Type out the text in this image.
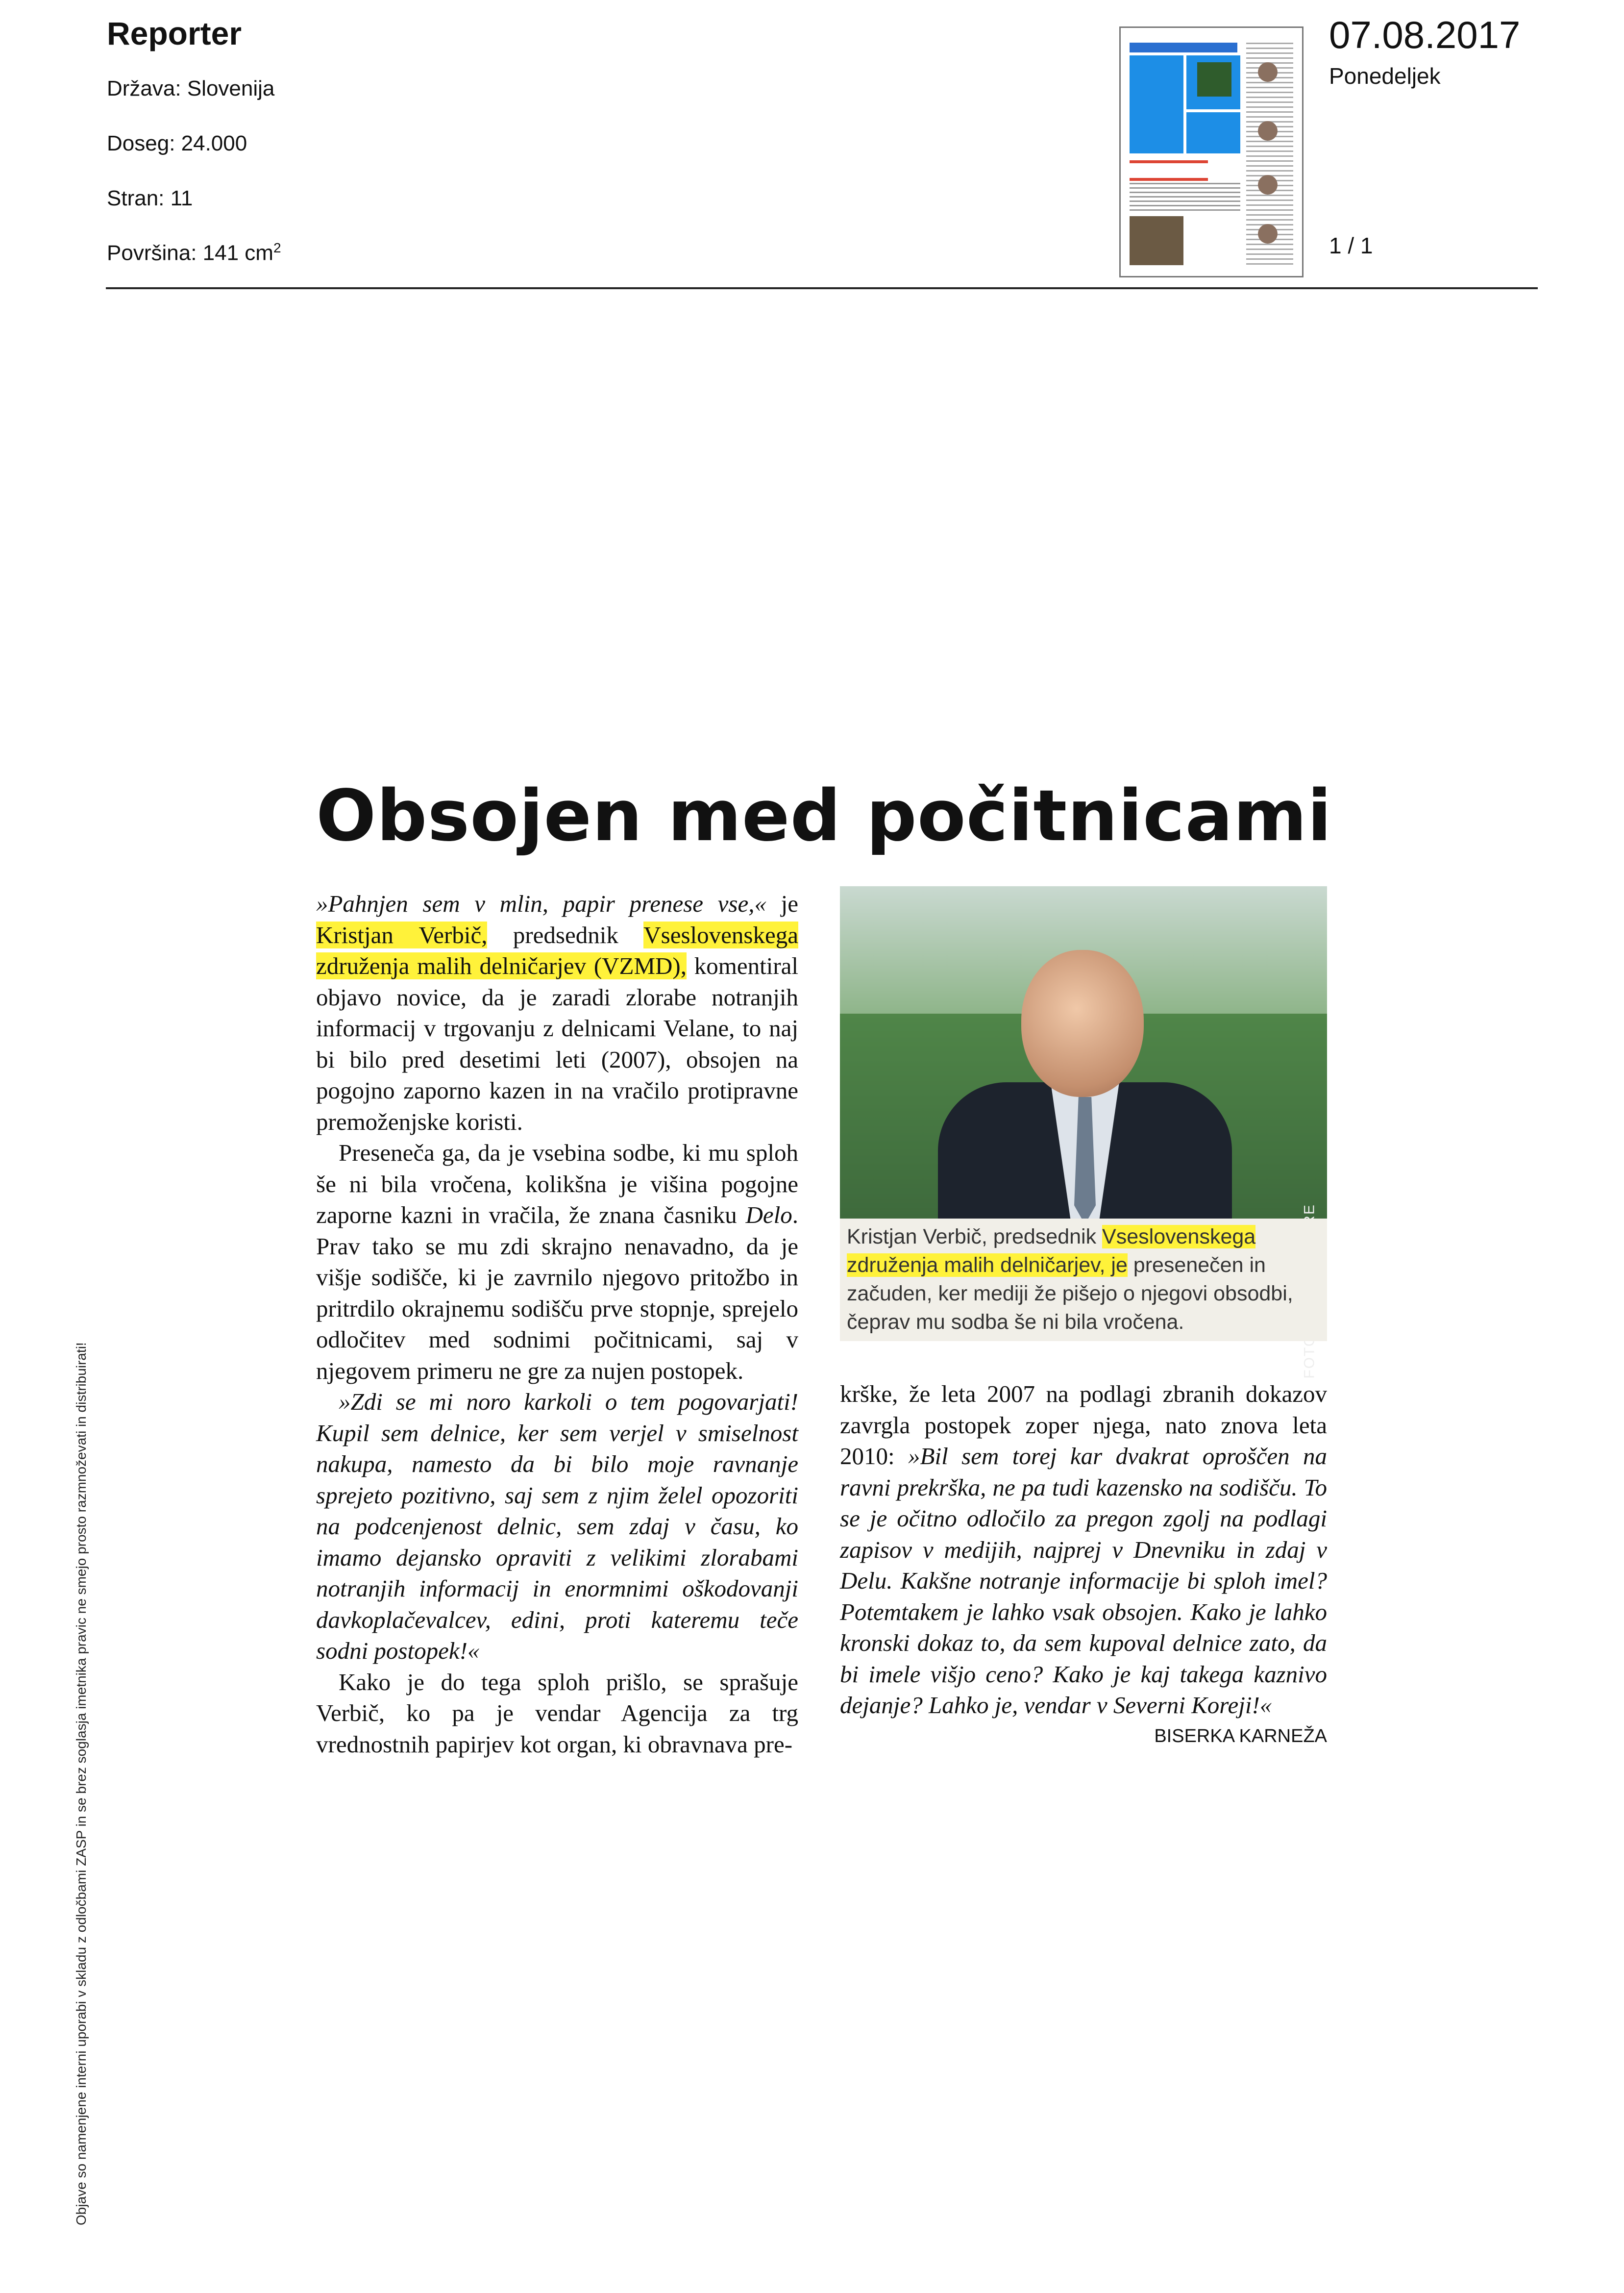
Reporter
Država: Slovenija
Doseg: 24.000
Stran: 11
Površina: 141 $cm^2$
07.08.2017
Ponedeljek
1 / 1
Objave so namenjene interni uporabi v skladu z odločbami ZASP in se brez soglasja imetnika pravic ne smejo prosto razmnoževati in distribuirati!
Obsojen med počitnicami

»Pahnjen sem v mlin, papir prenese vse,« je Kristjan Verbič, predsednik Vseslovenskega združenja malih delničarjev (VZMD), komentiral objavo novice, da je zaradi zlorabe notranjih informacij v trgovanju z delnicami Velane, to naj bi bilo pred desetimi leti (2007), obsojen na pogojno zaporno kazen in na vračilo protipravne premoženjske koristi.

Preseneča ga, da je vsebina sodbe, ki mu sploh še ni bila vročena, kolikšna je višina pogojne zaporne kazni in vračila, že znana časniku Delo. Prav tako se mu zdi skrajno nenavadno, da je višje sodišče, ki je zavrnilo njegovo pritožbo in pritrdilo okrajnemu sodišču prve stopnje, sprejelo odločitev med sodnimi počitnicami, saj v njegovem primeru ne gre za nujen postopek.

»Zdi se mi noro karkoli o tem pogovarjati! Kupil sem delnice, ker sem verjel v smiselnost nakupa, namesto da bi bilo moje ravnanje sprejeto pozitivno, saj sem z njim želel opozoriti na podcenjenost delnic, sem zdaj v času, ko imamo dejansko opraviti z velikimi zlorabami notranjih informacij in enormnimi oškodovanji davkoplačevalcev, edini, proti kateremu teče sodni postopek!«

Kako je do tega sploh prišlo, se sprašuje Verbič, ko pa je vendar Agencija za trg vrednostnih papirjev kot organ, ki obravnava pre-

Kristjan Verbič, predsednik Vseslovenskega združenja malih delničarjev, je presenečen in začuden, ker mediji že pišejo o njegovi obsodbi, čeprav mu sodba še ni bila vročena.

krške, že leta 2007 na podlagi zbranih dokazov zavrgla postopek zoper njega, nato znova leta 2010: »Bil sem torej kar dvakrat oproščen na ravni prekrška, ne pa tudi kazensko na sodišču. To se je očitno odločilo za pregon zgolj na podlagi zapisov v medijih, najprej v Dnevniku in zdaj v Delu. Kakšne notranje informacije bi sploh imel? Potemtakem je lahko vsak obsojen. Kako je lahko kronski dokaz to, da sem kupoval delnice zato, da bi imele višjo ceno? Kako je kaj takega kaznivo dejanje? Lahko je, vendar v Severni Koreji!«
BISERKA KARNEŽA
